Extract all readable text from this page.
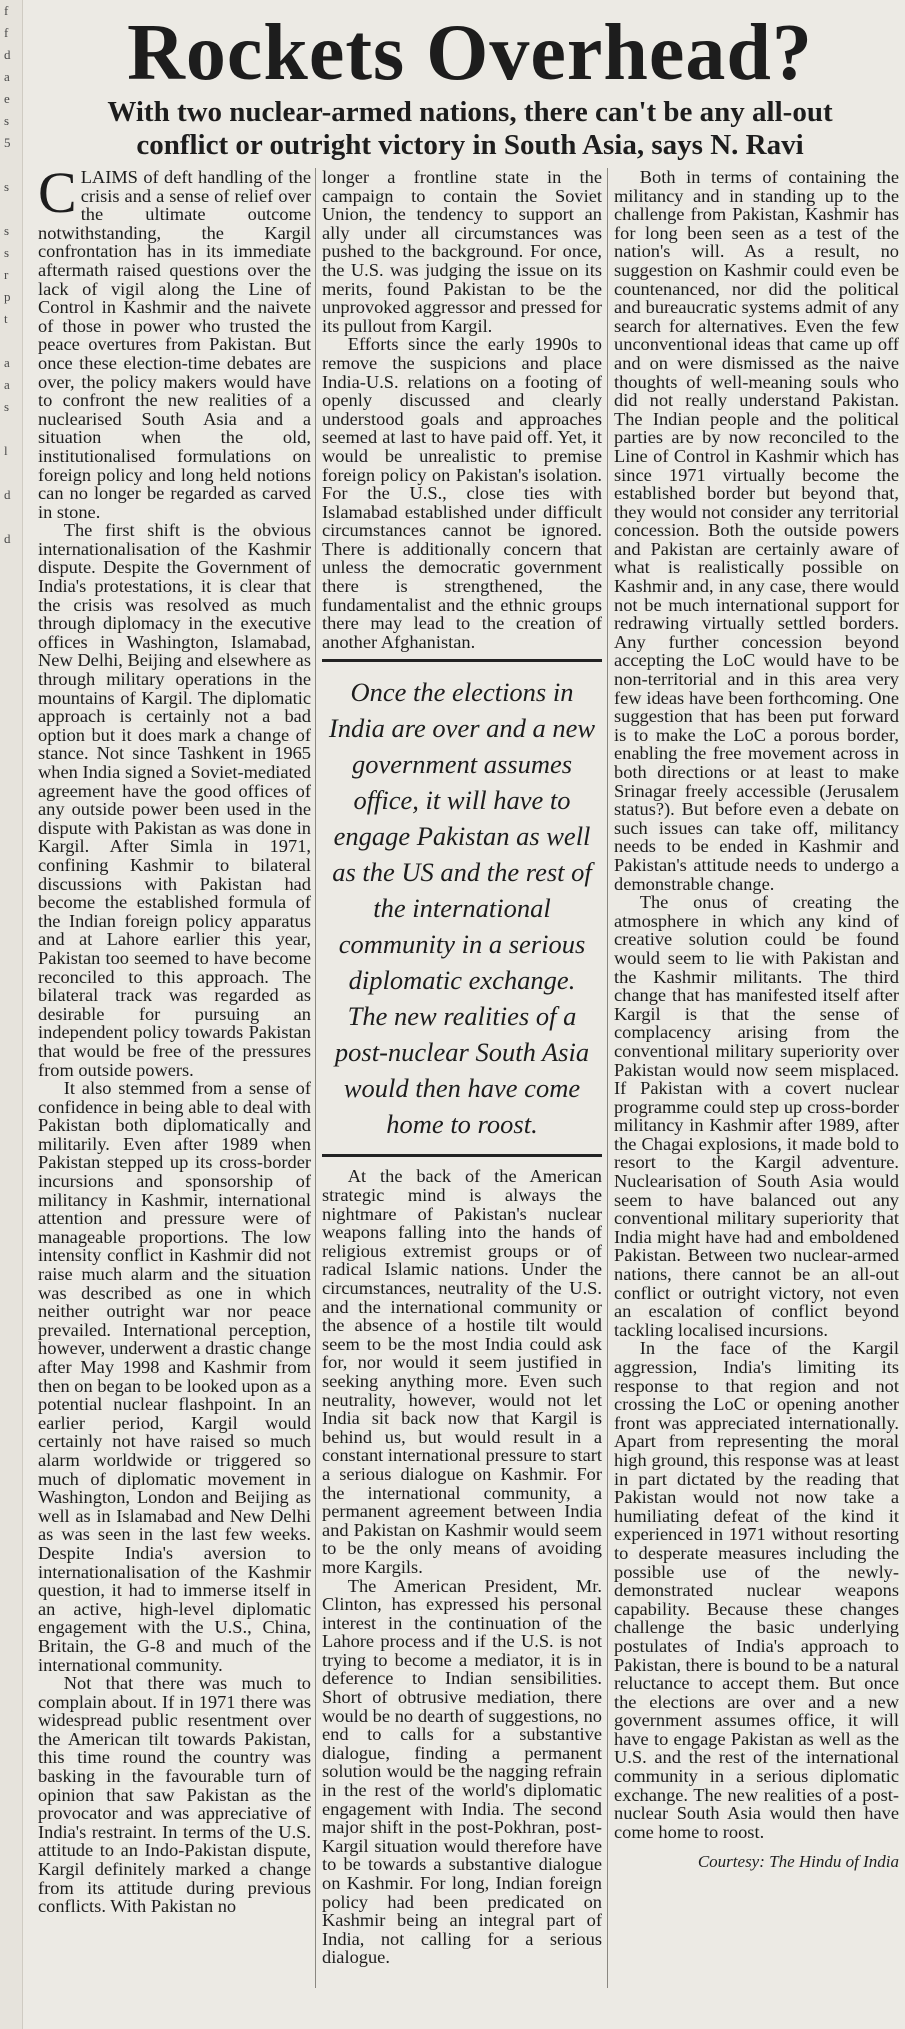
f
f
d
a
e
s
5

s

s
s
r
p
t

a
a
s

l

d

d
Rockets Overhead?
With two nuclear-armed nations, there can't be any all-out conflict or outright victory in South Asia, says N. Ravi

CLAIMS of deft handling of the crisis and a sense of relief over the ultimate outcome notwithstanding, the Kargil confrontation has in its immediate aftermath raised questions over the lack of vigil along the Line of Control in Kashmir and the naivete of those in power who trusted the peace overtures from Pakistan. But once these election-time debates are over, the policy makers would have to confront the new realities of a nuclearised South Asia and a situation when the old, institutionalised formulations on foreign policy and long held notions can no longer be regarded as carved in stone.

The first shift is the obvious internationalisation of the Kashmir dispute. Despite the Government of India's protestations, it is clear that the crisis was resolved as much through diplomacy in the executive offices in Washington, Islamabad, New Delhi, Beijing and elsewhere as through military operations in the mountains of Kargil. The diplomatic approach is certainly not a bad option but it does mark a change of stance. Not since Tashkent in 1965 when India signed a Soviet-mediated agreement have the good offices of any outside power been used in the dispute with Pakistan as was done in Kargil. After Simla in 1971, confining Kashmir to bilateral discussions with Pakistan had become the established formula of the Indian foreign policy apparatus and at Lahore earlier this year, Pakistan too seemed to have become reconciled to this approach. The bilateral track was regarded as desirable for pursuing an independent policy towards Pakistan that would be free of the pressures from outside powers.

It also stemmed from a sense of confidence in being able to deal with Pakistan both diplomatically and militarily. Even after 1989 when Pakistan stepped up its cross-border incursions and sponsorship of militancy in Kashmir, international attention and pressure were of manageable proportions. The low intensity conflict in Kashmir did not raise much alarm and the situation was described as one in which neither outright war nor peace prevailed. International perception, however, underwent a drastic change after May 1998 and Kashmir from then on began to be looked upon as a potential nuclear flashpoint. In an earlier period, Kargil would certainly not have raised so much alarm worldwide or triggered so much of diplomatic movement in Washington, London and Beijing as well as in Islamabad and New Delhi as was seen in the last few weeks. Despite India's aversion to internationalisation of the Kashmir question, it had to immerse itself in an active, high-level diplomatic engagement with the U.S., China, Britain, the G-8 and much of the international community.

Not that there was much to complain about. If in 1971 there was widespread public resentment over the American tilt towards Pakistan, this time round the country was basking in the favourable turn of opinion that saw Pakistan as the provocator and was appreciative of India's restraint. In terms of the U.S. attitude to an Indo-Pakistan dispute, Kargil definitely marked a change from its attitude during previous conflicts. With Pakistan no

longer a frontline state in the campaign to contain the Soviet Union, the tendency to support an ally under all circumstances was pushed to the background. For once, the U.S. was judging the issue on its merits, found Pakistan to be the unprovoked aggressor and pressed for its pullout from Kargil.

Efforts since the early 1990s to remove the suspicions and place India-U.S. relations on a footing of openly discussed and clearly understood goals and approaches seemed at last to have paid off. Yet, it would be unrealistic to premise foreign policy on Pakistan's isolation. For the U.S., close ties with Islamabad established under difficult circumstances cannot be ignored. There is additionally concern that unless the democratic government there is strengthened, the fundamentalist and the ethnic groups there may lead to the creation of another Afghanistan.

Once the elections in India are over and a new government assumes office, it will have to engage Pakistan as well as the US and the rest of the international community in a serious diplomatic exchange. The new realities of a post-nuclear South Asia would then have come home to roost.

At the back of the American strategic mind is always the nightmare of Pakistan's nuclear weapons falling into the hands of religious extremist groups or of radical Islamic nations. Under the circumstances, neutrality of the U.S. and the international community or the absence of a hostile tilt would seem to be the most India could ask for, nor would it seem justified in seeking anything more. Even such neutrality, however, would not let India sit back now that Kargil is behind us, but would result in a constant international pressure to start a serious dialogue on Kashmir. For the international community, a permanent agreement between India and Pakistan on Kashmir would seem to be the only means of avoiding more Kargils.

The American President, Mr. Clinton, has expressed his personal interest in the continuation of the Lahore process and if the U.S. is not trying to become a mediator, it is in deference to Indian sensibilities. Short of obtrusive mediation, there would be no dearth of suggestions, no end to calls for a substantive dialogue, finding a permanent solution would be the nagging refrain in the rest of the world's diplomatic engagement with India. The second major shift in the post-Pokhran, post-Kargil situation would therefore have to be towards a substantive dialogue on Kashmir. For long, Indian foreign policy had been predicated on Kashmir being an integral part of India, not calling for a serious dialogue.

Both in terms of containing the militancy and in standing up to the challenge from Pakistan, Kashmir has for long been seen as a test of the nation's will. As a result, no suggestion on Kashmir could even be countenanced, nor did the political and bureaucratic systems admit of any search for alternatives. Even the few unconventional ideas that came up off and on were dismissed as the naive thoughts of well-meaning souls who did not really understand Pakistan. The Indian people and the political parties are by now reconciled to the Line of Control in Kashmir which has since 1971 virtually become the established border but beyond that, they would not consider any territorial concession. Both the outside powers and Pakistan are certainly aware of what is realistically possible on Kashmir and, in any case, there would not be much international support for redrawing virtually settled borders. Any further concession beyond accepting the LoC would have to be non-territorial and in this area very few ideas have been forthcoming. One suggestion that has been put forward is to make the LoC a porous border, enabling the free movement across in both directions or at least to make Srinagar freely accessible (Jerusalem status?). But before even a debate on such issues can take off, militancy needs to be ended in Kashmir and Pakistan's attitude needs to undergo a demonstrable change.

The onus of creating the atmosphere in which any kind of creative solution could be found would seem to lie with Pakistan and the Kashmir militants. The third change that has manifested itself after Kargil is that the sense of complacency arising from the conventional military superiority over Pakistan would now seem misplaced. If Pakistan with a covert nuclear programme could step up cross-border militancy in Kashmir after 1989, after the Chagai explosions, it made bold to resort to the Kargil adventure. Nuclearisation of South Asia would seem to have balanced out any conventional military superiority that India might have had and emboldened Pakistan. Between two nuclear-armed nations, there cannot be an all-out conflict or outright victory, not even an escalation of conflict beyond tackling localised incursions.

In the face of the Kargil aggression, India's limiting its response to that region and not crossing the LoC or opening another front was appreciated internationally. Apart from representing the moral high ground, this response was at least in part dictated by the reading that Pakistan would not now take a humiliating defeat of the kind it experienced in 1971 without resorting to desperate measures including the possible use of the newly-demonstrated nuclear weapons capability. Because these changes challenge the basic underlying postulates of India's approach to Pakistan, there is bound to be a natural reluctance to accept them. But once the elections are over and a new government assumes office, it will have to engage Pakistan as well as the U.S. and the rest of the international community in a serious diplomatic exchange. The new realities of a post-nuclear South Asia would then have come home to roost.

Courtesy: The Hindu of India
